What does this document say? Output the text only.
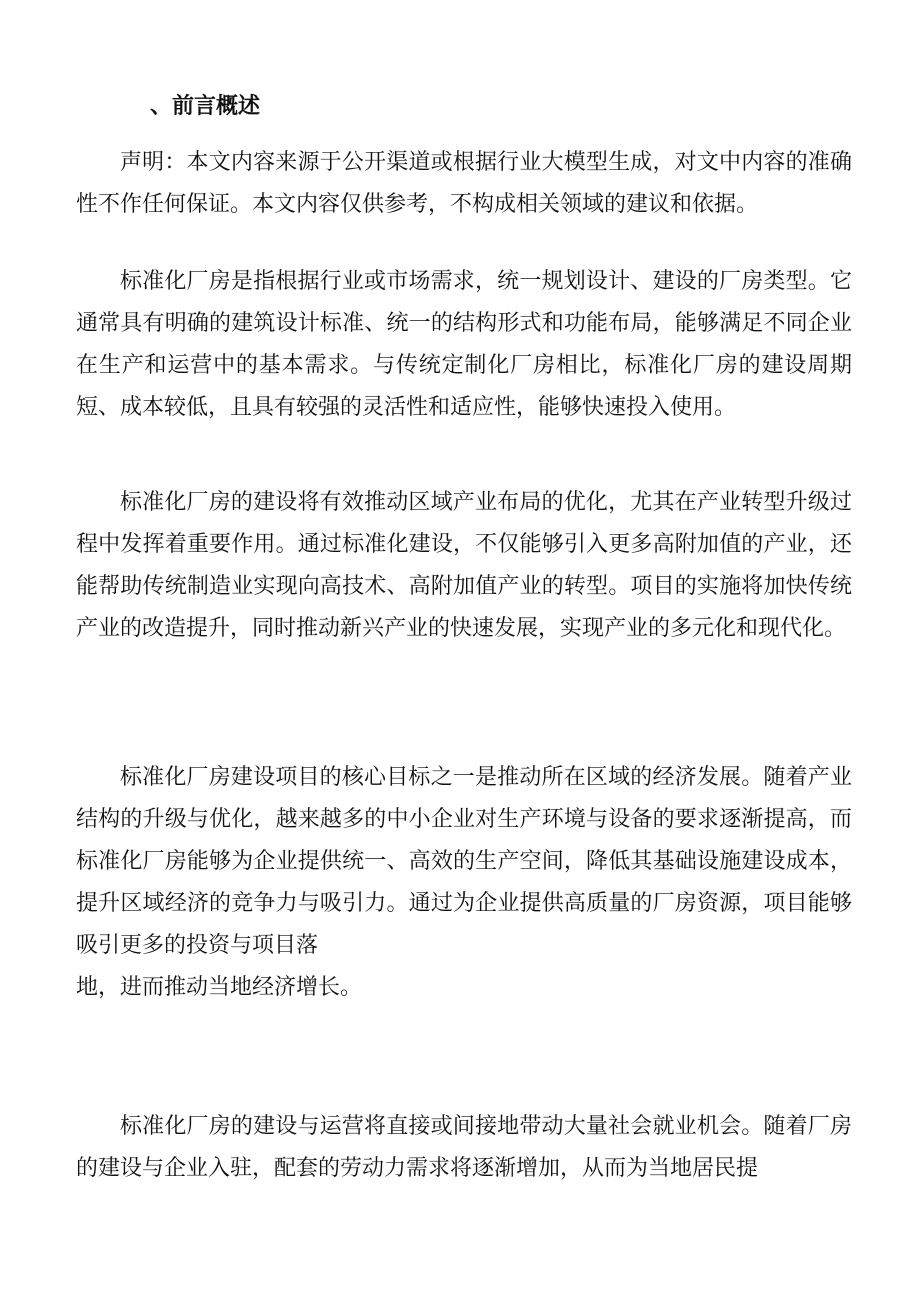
、前言概述

声明：本文内容来源于公开渠道或根据行业大模型生成，对文中内容的准确性不作任何保证。本文内容仅供参考，不构成相关领域的建议和依据。

标准化厂房是指根据行业或市场需求，统一规划设计、建设的厂房类型。它通常具有明确的建筑设计标准、统一的结构形式和功能布局，能够满足不同企业在生产和运营中的基本需求。与传统定制化厂房相比，标准化厂房的建设周期短、成本较低，且具有较强的灵活性和适应性，能够快速投入使用。

标准化厂房的建设将有效推动区域产业布局的优化，尤其在产业转型升级过程中发挥着重要作用。通过标准化建设，不仅能够引入更多高附加值的产业，还能帮助传统制造业实现向高技术、高附加值产业的转型。项目的实施将加快传统产业的改造提升，同时推动新兴产业的快速发展，实现产业的多元化和现代化。

标准化厂房建设项目的核心目标之一是推动所在区域的经济发展。随着产业结构的升级与优化，越来越多的中小企业对生产环境与设备的要求逐渐提高，而标准化厂房能够为企业提供统一、高效的生产空间，降低其基础设施建设成本，提升区域经济的竞争力与吸引力。通过为企业提供高质量的厂房资源，项目能够吸引更多的投资与项目落
地，进而推动当地经济增长。

标准化厂房的建设与运营将直接或间接地带动大量社会就业机会。随着厂房的建设与企业入驻，配套的劳动力需求将逐渐增加，从而为当地居民提
